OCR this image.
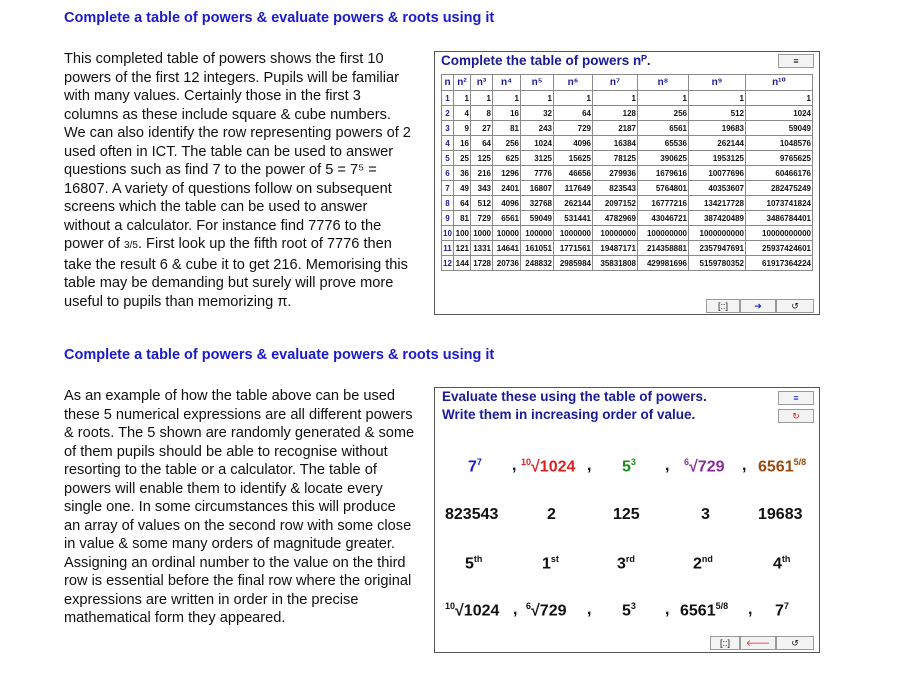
Complete a table of powers & evaluate powers & roots using it
This completed table of powers shows the first 10 powers of the first 12 integers. Pupils will be familiar with many values. Certainly those in the first 3 columns as these include square & cube numbers. We can also identify the row representing powers of 2 used often in ICT. The table can be used to answer questions such as find 7 to the power of 5 = 7⁵ = 16807. A variety of questions follow on subsequent screens which the table can be used to answer without a calculator. For instance find 7776 to the power of 3/5. First look up the fifth root of 7776 then take the result 6 & cube it to get 216. Memorising this table may be demanding but surely will prove more useful to pupils than memorizing π.
Complete the table of powers nᴾ.	≡
n	n²	n³	n⁴	n⁵	n⁶	n⁷	n⁸	n⁹	n¹⁰
1	1	1	1	1	1	1	1	1	1
2	4	8	16	32	64	128	256	512	1024
3	9	27	81	243	729	2187	6561	19683	59049
4	16	64	256	1024	4096	16384	65536	262144	1048576
5	25	125	625	3125	15625	78125	390625	1953125	9765625
6	36	216	1296	7776	46656	279936	1679616	10077696	60466176
7	49	343	2401	16807	117649	823543	5764801	40353607	282475249
8	64	512	4096	32768	262144	2097152	16777216	134217728	1073741824
9	81	729	6561	59049	531441	4782969	43046721	387420489	3486784401
10	100	1000	10000	100000	1000000	10000000	100000000	1000000000	10000000000
11	121	1331	14641	161051	1771561	19487171	214358881	2357947691	25937424601
12	144	1728	20736	248832	2985984	35831808	429981696	5159780352	61917364224
[::]	➔	↺
Complete a table of powers & evaluate powers & roots using it
As an example of how the table above can be used these 5 numerical expressions are all different powers & roots. The 5 shown are randomly generated & some of them pupils should be able to recognise without resorting to the table or a calculator. The table of powers will enable them to identify & locate every single one. In some circumstances this will produce an array of values on the second row with some close in value & some many orders of magnitude greater. Assigning an ordinal number to the value on the third row is essential before the final row where the original expressions are written in order in the precise mathematical form they appeared.
Evaluate these using the table of powers.
Write them in increasing order of value.
≡
↻
$7^7$ , $^{10}$√1024 , $5^3$ , $^6$√729 , $6561^{5/8}$
823543	2	125	3	19683
5th	1st	3rd	2nd	4th
$^{10}$√1024 , $^6$√729 , $5^3$ , $6561^{5/8}$ , $7^7$
[::]	🡐	↺
